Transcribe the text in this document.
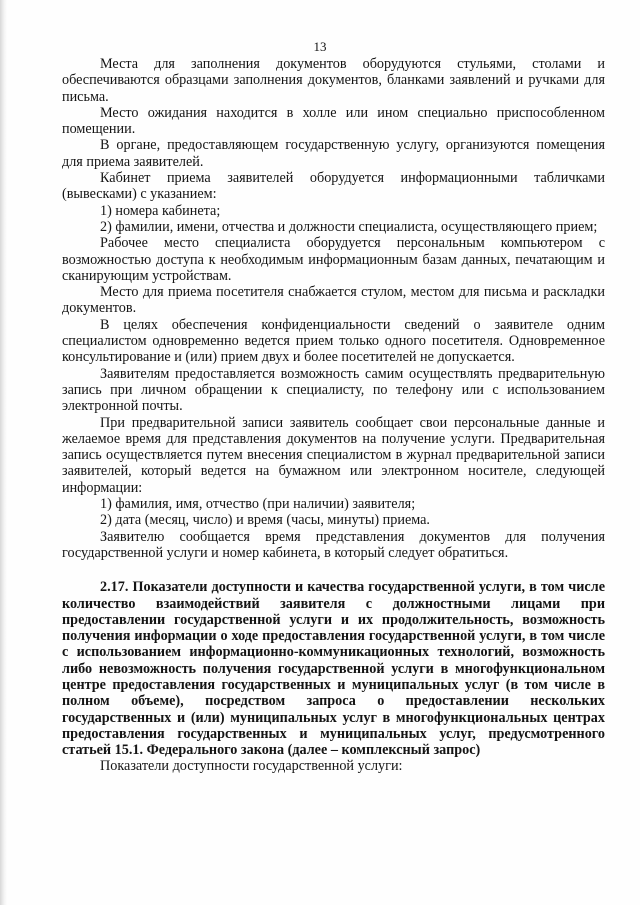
13

Места для заполнения документов оборудуются стульями, столами и обеспечиваются образцами заполнения документов, бланками заявлений и ручками для письма.

Место ожидания находится в холле или ином специально приспособленном помещении.

В органе, предоставляющем государственную услугу, организуются помещения для приема заявителей.

Кабинет приема заявителей оборудуется информационными табличками (вывесками) с указанием:

1) номера кабинета;

2) фамилии, имени, отчества и должности специалиста, осуществляющего прием;

Рабочее место специалиста оборудуется персональным компьютером с возможностью доступа к необходимым информационным базам данных, печатающим и сканирующим устройствам.

Место для приема посетителя снабжается стулом, местом для письма и раскладки документов.

В целях обеспечения конфиденциальности сведений о заявителе одним специалистом одновременно ведется прием только одного посетителя. Одновременное консультирование и (или) прием двух и более посетителей не допускается.

Заявителям предоставляется возможность самим осуществлять предварительную запись при личном обращении к специалисту, по телефону или с использованием электронной почты.

При предварительной записи заявитель сообщает свои персональные данные и желаемое время для представления документов на получение услуги. Предварительная запись осуществляется путем внесения специалистом в журнал предварительной записи заявителей, который ведется на бумажном или электронном носителе, следующей информации:

1) фамилия, имя, отчество (при наличии) заявителя;

2) дата (месяц, число) и время (часы, минуты) приема.

Заявителю сообщается время представления документов для получения государственной услуги и номер кабинета, в который следует обратиться.

2.17. Показатели доступности и качества государственной услуги, в том числе количество взаимодействий заявителя с должностными лицами при предоставлении государственной услуги и их продолжительность, возможность получения информации о ходе предоставления государственной услуги, в том числе с использованием информационно-коммуникационных технологий, возможность либо невозможность получения государственной услуги в многофункциональном центре предоставления государственных и муниципальных услуг (в том числе в полном объеме), посредством запроса о предоставлении нескольких государственных и (или) муниципальных услуг в многофункциональных центрах предоставления государственных и муниципальных услуг, предусмотренного статьей 15.1. Федерального закона (далее – комплексный запрос)

Показатели доступности государственной услуги:
